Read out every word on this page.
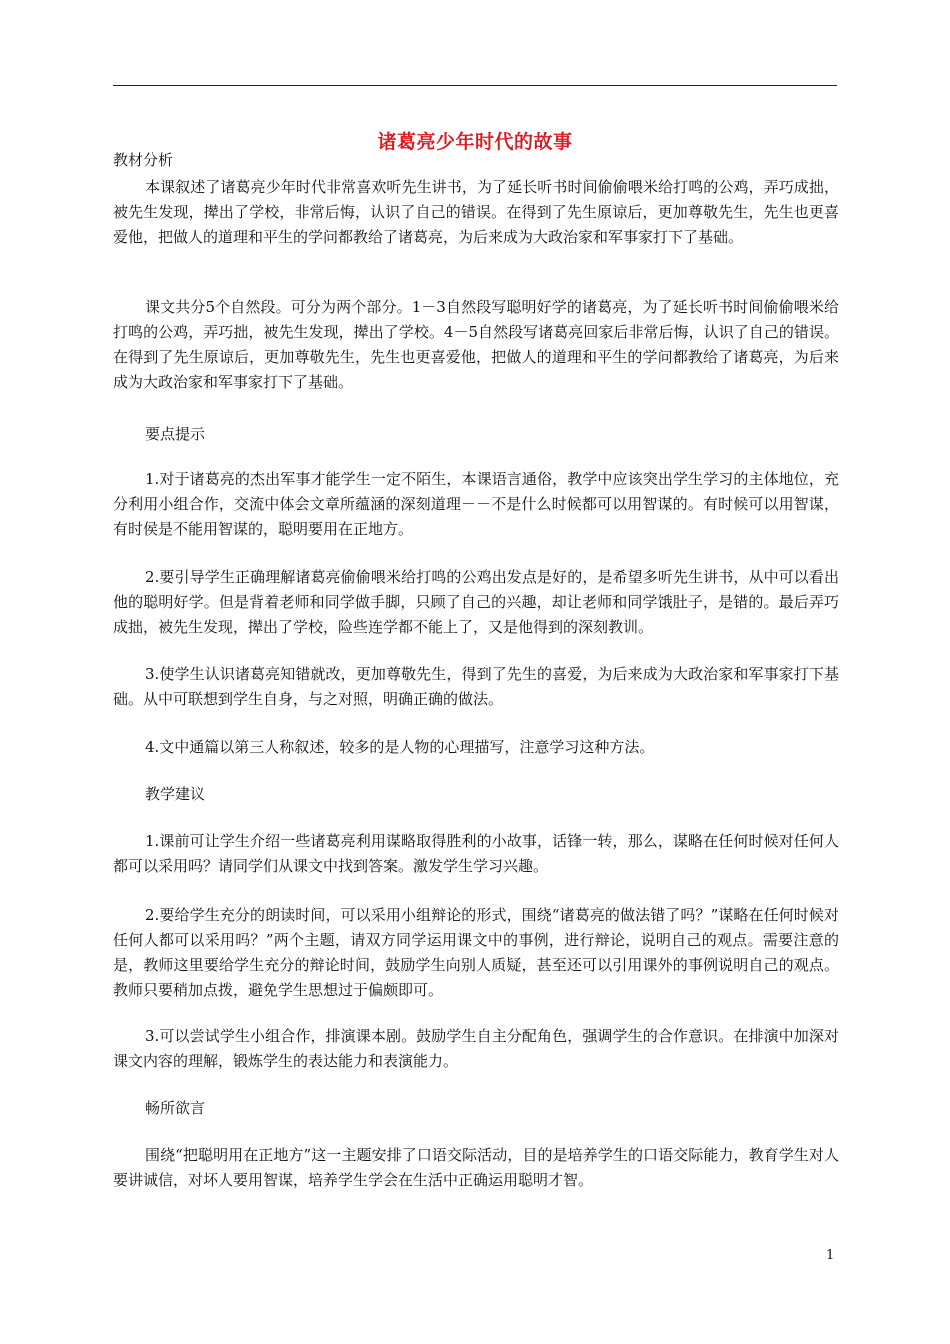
诸葛亮少年时代的故事
教材分析
本课叙述了诸葛亮少年时代非常喜欢听先生讲书，为了延长听书时间偷偷喂米给打鸣的公鸡，弄巧成拙，被先生发现，撵出了学校，非常后悔，认识了自己的错误。在得到了先生原谅后，更加尊敬先生，先生也更喜爱他，把做人的道理和平生的学问都教给了诸葛亮，为后来成为大政治家和军事家打下了基础。
课文共分5个自然段。可分为两个部分。1－3自然段写聪明好学的诸葛亮，为了延长听书时间偷偷喂米给打鸣的公鸡，弄巧拙，被先生发现，撵出了学校。4－5自然段写诸葛亮回家后非常后悔，认识了自己的错误。在得到了先生原谅后，更加尊敬先生，先生也更喜爱他，把做人的道理和平生的学问都教给了诸葛亮，为后来成为大政治家和军事家打下了基础。
要点提示
1.对于诸葛亮的杰出军事才能学生一定不陌生，本课语言通俗，教学中应该突出学生学习的主体地位，充分利用小组合作，交流中体会文章所蕴涵的深刻道理－－不是什么时候都可以用智谋的。有时候可以用智谋，有时侯是不能用智谋的，聪明要用在正地方。
2.要引导学生正确理解诸葛亮偷偷喂米给打鸣的公鸡出发点是好的，是希望多听先生讲书，从中可以看出他的聪明好学。但是背着老师和同学做手脚，只顾了自己的兴趣，却让老师和同学饿肚子，是错的。最后弄巧成拙，被先生发现，撵出了学校，险些连学都不能上了，又是他得到的深刻教训。
3.使学生认识诸葛亮知错就改，更加尊敬先生，得到了先生的喜爱，为后来成为大政治家和军事家打下基础。从中可联想到学生自身，与之对照，明确正确的做法。
4.文中通篇以第三人称叙述，较多的是人物的心理描写，注意学习这种方法。
教学建议
1.课前可让学生介绍一些诸葛亮利用谋略取得胜利的小故事，话锋一转，那么，谋略在任何时候对任何人都可以采用吗？请同学们从课文中找到答案。激发学生学习兴趣。
2.要给学生充分的朗读时间，可以采用小组辩论的形式，围绕“诸葛亮的做法错了吗？”谋略在任何时候对任何人都可以采用吗？”两个主题，请双方同学运用课文中的事例，进行辩论，说明自己的观点。需要注意的是，教师这里要给学生充分的辩论时间，鼓励学生向别人质疑，甚至还可以引用课外的事例说明自己的观点。教师只要稍加点拨，避免学生思想过于偏颇即可。
3.可以尝试学生小组合作，排演课本剧。鼓励学生自主分配角色，强调学生的合作意识。在排演中加深对课文内容的理解，锻炼学生的表达能力和表演能力。
畅所欲言
围绕“把聪明用在正地方”这一主题安排了口语交际活动，目的是培养学生的口语交际能力，教育学生对人要讲诚信，对坏人要用智谋，培养学生学会在生活中正确运用聪明才智。
1
